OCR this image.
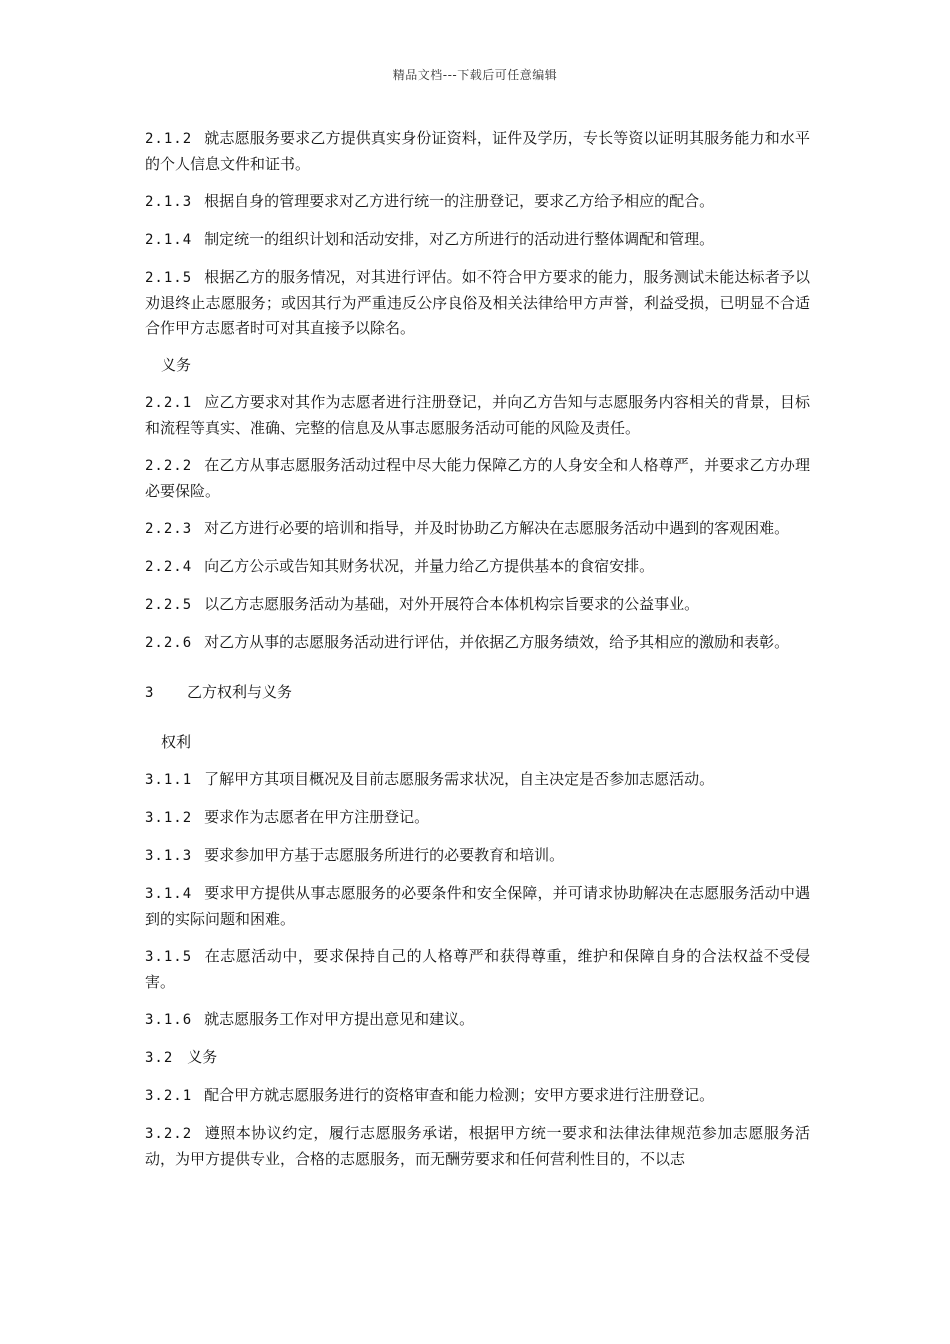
精品文档---下载后可任意编辑

2.1.2 就志愿服务要求乙方提供真实身份证资料，证件及学历，专长等资以证明其服务能力和水平的个人信息文件和证书。

2.1.3 根据自身的管理要求对乙方进行统一的注册登记，要求乙方给予相应的配合。

2.1.4 制定统一的组织计划和活动安排，对乙方所进行的活动进行整体调配和管理。

2.1.5 根据乙方的服务情况，对其进行评估。如不符合甲方要求的能力，服务测试未能达标者予以劝退终止志愿服务；或因其行为严重违反公序良俗及相关法律给甲方声誉，利益受损，已明显不合适合作甲方志愿者时可对其直接予以除名。

义务

2.2.1 应乙方要求对其作为志愿者进行注册登记，并向乙方告知与志愿服务内容相关的背景，目标和流程等真实、准确、完整的信息及从事志愿服务活动可能的风险及责任。

2.2.2 在乙方从事志愿服务活动过程中尽大能力保障乙方的人身安全和人格尊严，并要求乙方办理必要保险。

2.2.3 对乙方进行必要的培训和指导，并及时协助乙方解决在志愿服务活动中遇到的客观困难。

2.2.4 向乙方公示或告知其财务状况，并量力给乙方提供基本的食宿安排。

2.2.5 以乙方志愿服务活动为基础，对外开展符合本体机构宗旨要求的公益事业。

2.2.6 对乙方从事的志愿服务活动进行评估，并依据乙方服务绩效，给予其相应的激励和表彰。

3 乙方权利与义务
权利

3.1.1 了解甲方其项目概况及目前志愿服务需求状况，自主决定是否参加志愿活动。

3.1.2 要求作为志愿者在甲方注册登记。

3.1.3 要求参加甲方基于志愿服务所进行的必要教育和培训。

3.1.4 要求甲方提供从事志愿服务的必要条件和安全保障，并可请求协助解决在志愿服务活动中遇到的实际问题和困难。

3.1.5 在志愿活动中，要求保持自己的人格尊严和获得尊重，维护和保障自身的合法权益不受侵害。

3.1.6 就志愿服务工作对甲方提出意见和建议。

3.2 义务

3.2.1 配合甲方就志愿服务进行的资格审查和能力检测；安甲方要求进行注册登记。

3.2.2 遵照本协议约定，履行志愿服务承诺，根据甲方统一要求和法律法律规范参加志愿服务活动，为甲方提供专业，合格的志愿服务，而无酬劳要求和任何营利性目的，不以志
